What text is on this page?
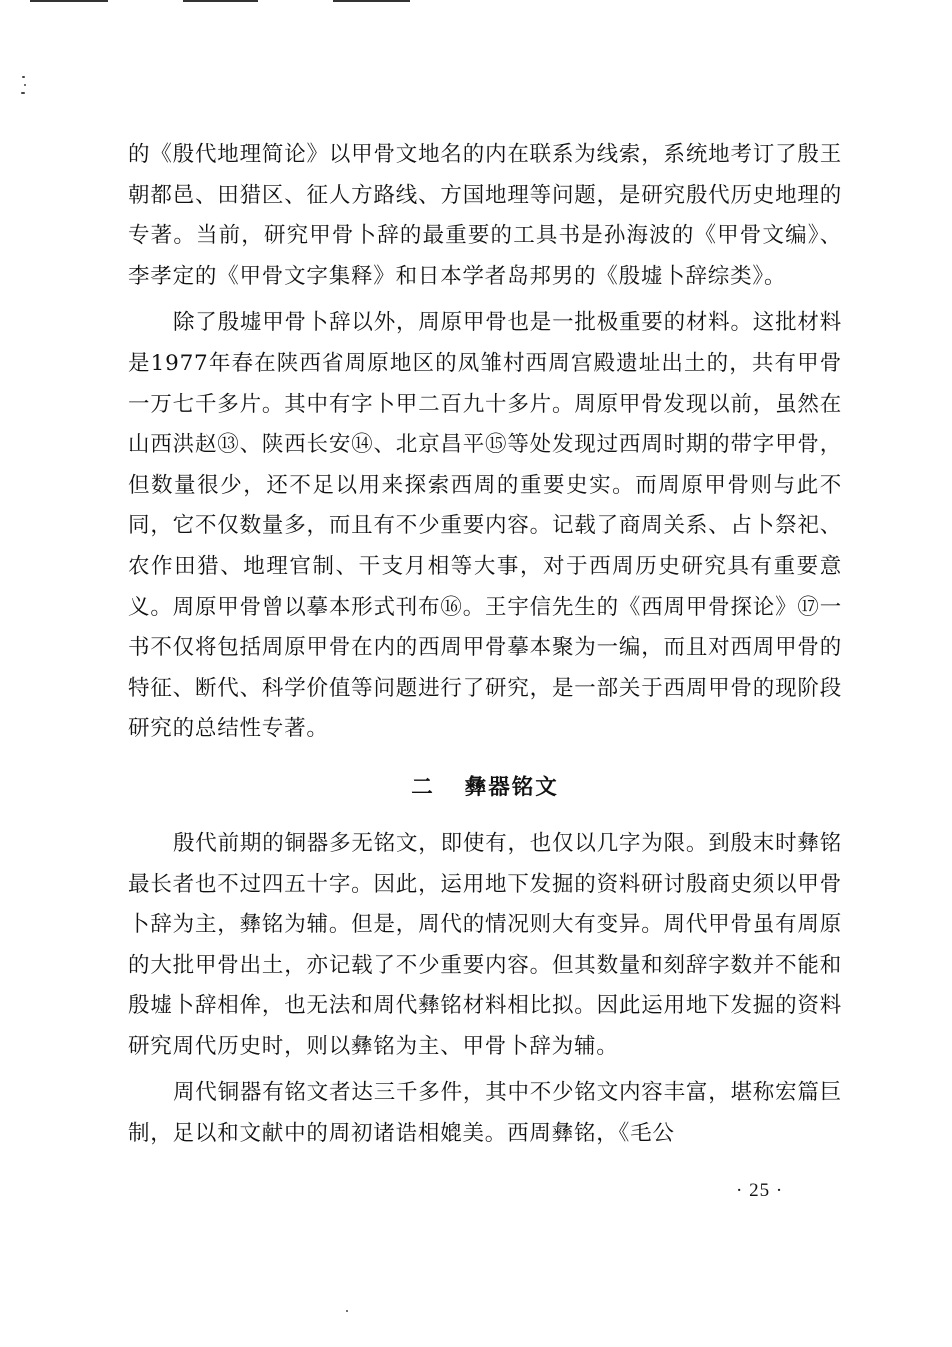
的《殷代地理简论》以甲骨文地名的内在联系为线索，系统地考订了殷王朝都邑、田猎区、征人方路线、方国地理等问题，是研究殷代历史地理的专著。当前，研究甲骨卜辞的最重要的工具书是孙海波的《甲骨文编》、李孝定的《甲骨文字集释》和日本学者岛邦男的《殷墟卜辞综类》。

除了殷墟甲骨卜辞以外，周原甲骨也是一批极重要的材料。这批材料是1977年春在陕西省周原地区的凤雏村西周宫殿遗址出土的，共有甲骨一万七千多片。其中有字卜甲二百九十多片。周原甲骨发现以前，虽然在山西洪赵⑬、陕西长安⑭、北京昌平⑮等处发现过西周时期的带字甲骨，但数量很少，还不足以用来探索西周的重要史实。而周原甲骨则与此不同，它不仅数量多，而且有不少重要内容。记载了商周关系、占卜祭祀、农作田猎、地理官制、干支月相等大事，对于西周历史研究具有重要意义。周原甲骨曾以摹本形式刊布⑯。王宇信先生的《西周甲骨探论》⑰一书不仅将包括周原甲骨在内的西周甲骨摹本聚为一编，而且对西周甲骨的特征、断代、科学价值等问题进行了研究，是一部关于西周甲骨的现阶段研究的总结性专著。

二 彝器铭文

殷代前期的铜器多无铭文，即使有，也仅以几字为限。到殷末时彝铭最长者也不过四五十字。因此，运用地下发掘的资料研讨殷商史须以甲骨卜辞为主，彝铭为辅。但是，周代的情况则大有变异。周代甲骨虽有周原的大批甲骨出土，亦记载了不少重要内容。但其数量和刻辞字数并不能和殷墟卜辞相侔，也无法和周代彝铭材料相比拟。因此运用地下发掘的资料研究周代历史时，则以彝铭为主、甲骨卜辞为辅。

周代铜器有铭文者达三千多件，其中不少铭文内容丰富，堪称宏篇巨制，足以和文献中的周初诸诰相媲美。西周彝铭，《毛公

· 25 ·
